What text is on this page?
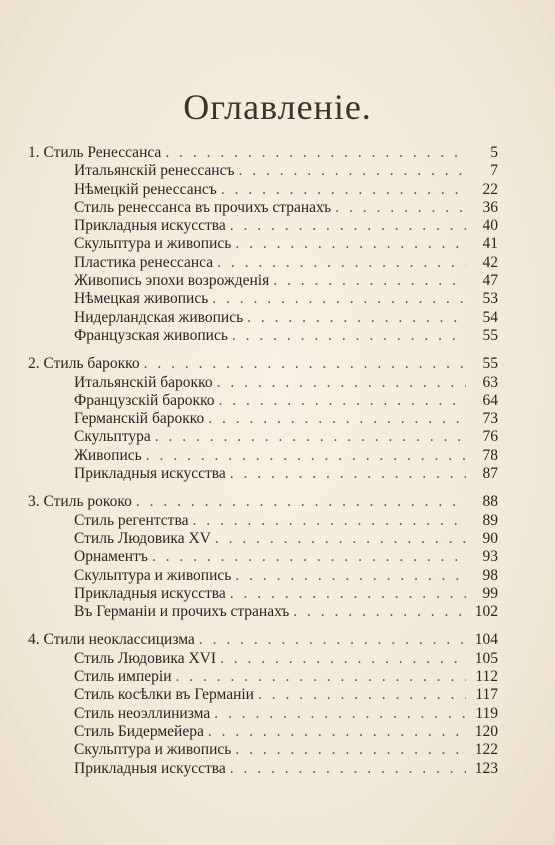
Оглавленіе.
1. Стиль Ренессанса . . .	5
Итальянскій ренессансъ . . .	7
Нѣмецкій ренессансъ . . .	22
Стиль ренессанса въ прочихъ странахъ . . .	36
Прикладныя искусства . . .	40
Скульптура и живопись . . .	41
Пластика ренессанса . . .	42
Живопись эпохи возрожденія . . .	47
Нѣмецкая живопись . . .	53
Нидерландская живопись . . .	54
Французская живопись . . .	55
2. Стиль барокко . . .	55
Итальянскій барокко . . .	63
Французскій барокко . . .	64
Германскій барокко . . .	73
Скульптура . . .	76
Живопись . . .	78
Прикладныя искусства . . .	87
3. Стиль рококо . . .	88
Стиль регентства . . .	89
Стиль Людовика XV . . .	90
Орнаментъ . . .	93
Скульптура и живопись . . .	98
Прикладныя искусства . . .	99
Въ Германіи и прочихъ странахъ . . .	102
4. Стили неоклассицизма . . .	104
Стиль Людовика XVI . . .	105
Стиль имперіи . . .	112
Стиль косѣлки въ Германіи . . .	117
Стиль неоэллинизма . . .	119
Стиль Бидермейера . . .	120
Скульптура и живопись . . .	122
Прикладныя искусства . . .	123
